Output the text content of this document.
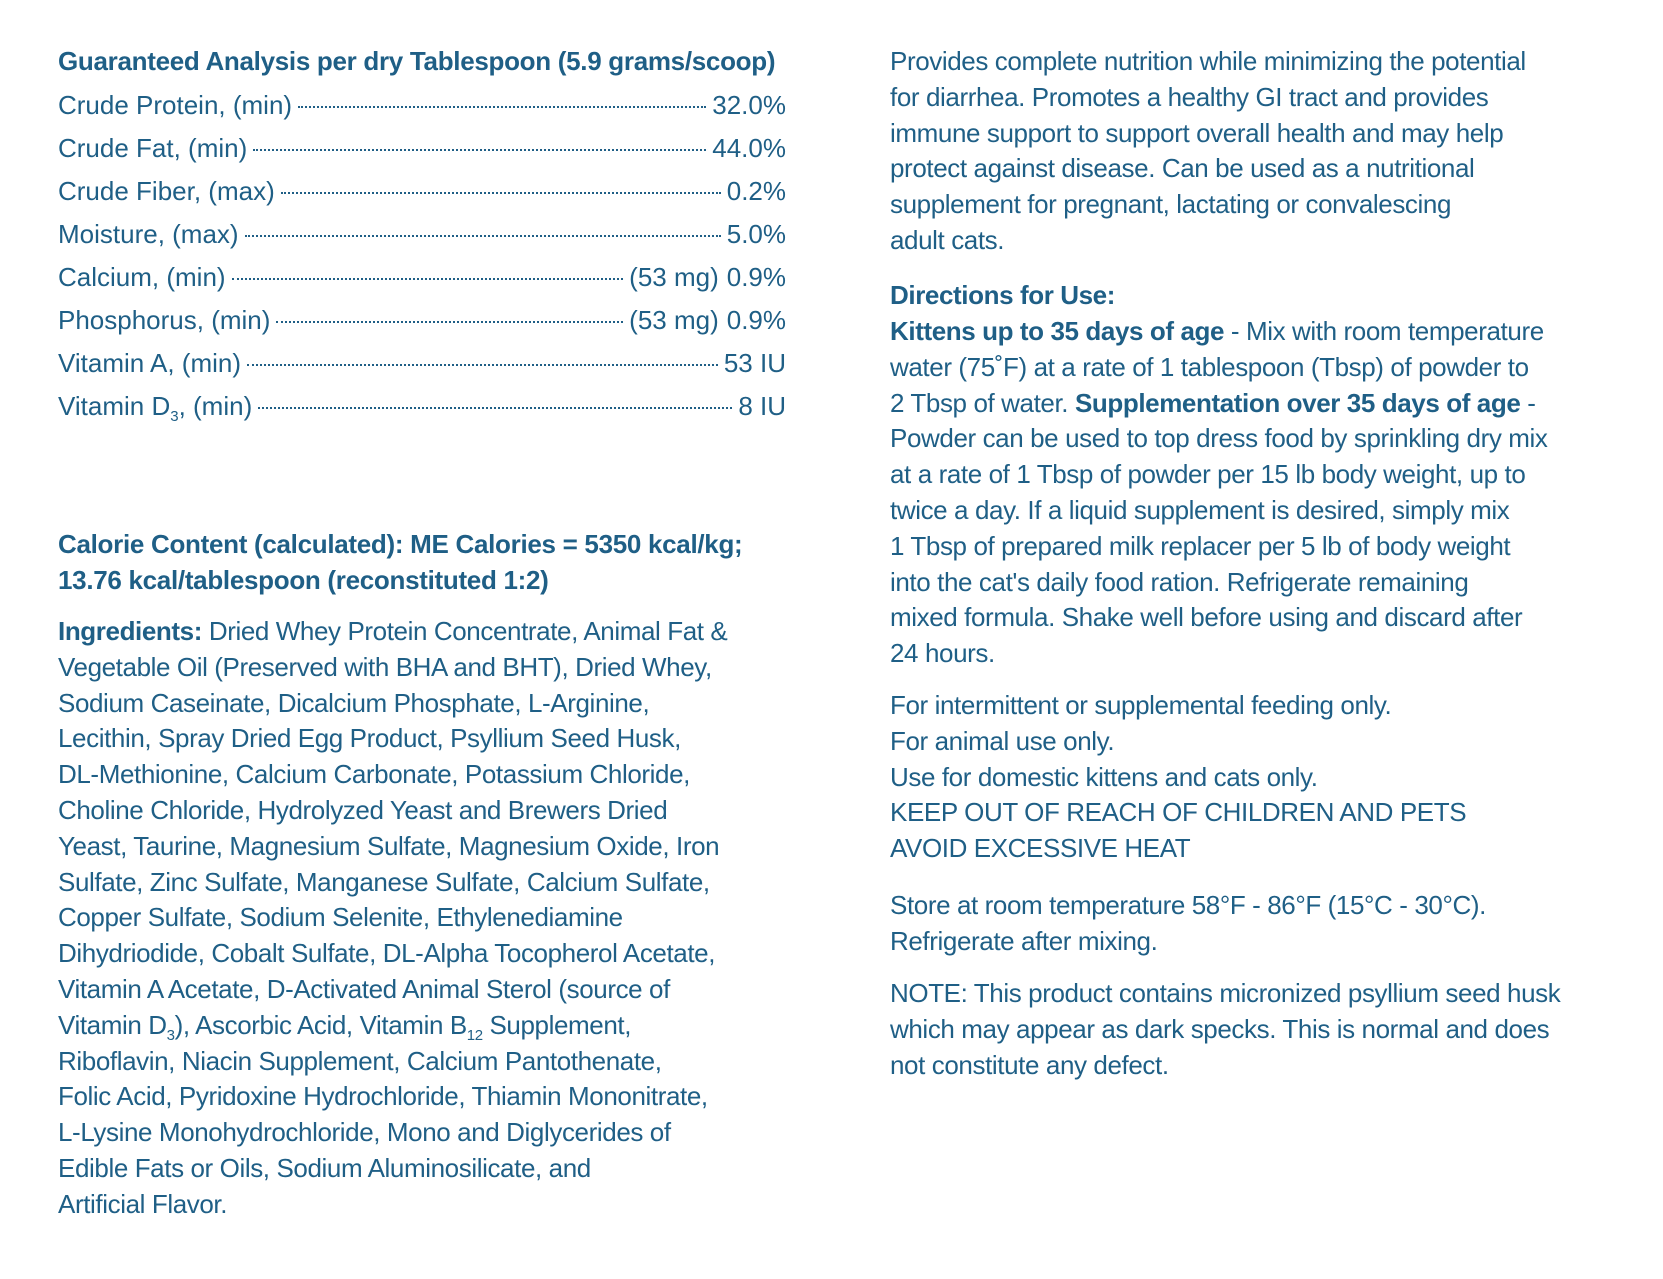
Guaranteed Analysis per dry Tablespoon (5.9 grams/scoop)
Crude Protein, (min)	32.0%
Crude Fat, (min)	44.0%
Crude Fiber, (max)	0.2%
Moisture, (max)	5.0%
Calcium, (min)	(53 mg) 0.9%
Phosphorus, (min)	(53 mg) 0.9%
Vitamin A, (min)	53 IU
Vitamin $D_3$, (min)	8 IU
Calorie Content (calculated): ME Calories = 5350 kcal/kg;
13.76 kcal/tablespoon (reconstituted 1:2)
Ingredients: Dried Whey Protein Concentrate, Animal Fat &
Vegetable Oil (Preserved with BHA and BHT), Dried Whey,
Sodium Caseinate, Dicalcium Phosphate, L-Arginine,
Lecithin, Spray Dried Egg Product, Psyllium Seed Husk,
DL-Methionine, Calcium Carbonate, Potassium Chloride,
Choline Chloride, Hydrolyzed Yeast and Brewers Dried
Yeast, Taurine, Magnesium Sulfate, Magnesium Oxide, Iron
Sulfate, Zinc Sulfate, Manganese Sulfate, Calcium Sulfate,
Copper Sulfate, Sodium Selenite, Ethylenediamine
Dihydriodide, Cobalt Sulfate, DL-Alpha Tocopherol Acetate,
Vitamin A Acetate, D-Activated Animal Sterol (source of
Vitamin $D_3$), Ascorbic Acid, Vitamin $B_{12}$ Supplement,
Riboflavin, Niacin Supplement, Calcium Pantothenate,
Folic Acid, Pyridoxine Hydrochloride, Thiamin Mononitrate,
L-Lysine Monohydrochloride, Mono and Diglycerides of
Edible Fats or Oils, Sodium Aluminosilicate, and
Artificial Flavor.
Provides complete nutrition while minimizing the potential
for diarrhea. Promotes a healthy GI tract and provides
immune support to support overall health and may help
protect against disease. Can be used as a nutritional
supplement for pregnant, lactating or convalescing
adult cats.
Directions for Use:
Kittens up to 35 days of age - Mix with room temperature
water (75˚F) at a rate of 1 tablespoon (Tbsp) of powder to
2 Tbsp of water. Supplementation over 35 days of age -
Powder can be used to top dress food by sprinkling dry mix
at a rate of 1 Tbsp of powder per 15 lb body weight, up to
twice a day. If a liquid supplement is desired, simply mix
1 Tbsp of prepared milk replacer per 5 lb of body weight
into the cat's daily food ration. Refrigerate remaining
mixed formula. Shake well before using and discard after
24 hours.
For intermittent or supplemental feeding only.
For animal use only.
Use for domestic kittens and cats only.
KEEP OUT OF REACH OF CHILDREN AND PETS
AVOID EXCESSIVE HEAT
Store at room temperature 58°F - 86°F (15°C - 30°C).
Refrigerate after mixing.
NOTE: This product contains micronized psyllium seed husk
which may appear as dark specks. This is normal and does
not constitute any defect.
